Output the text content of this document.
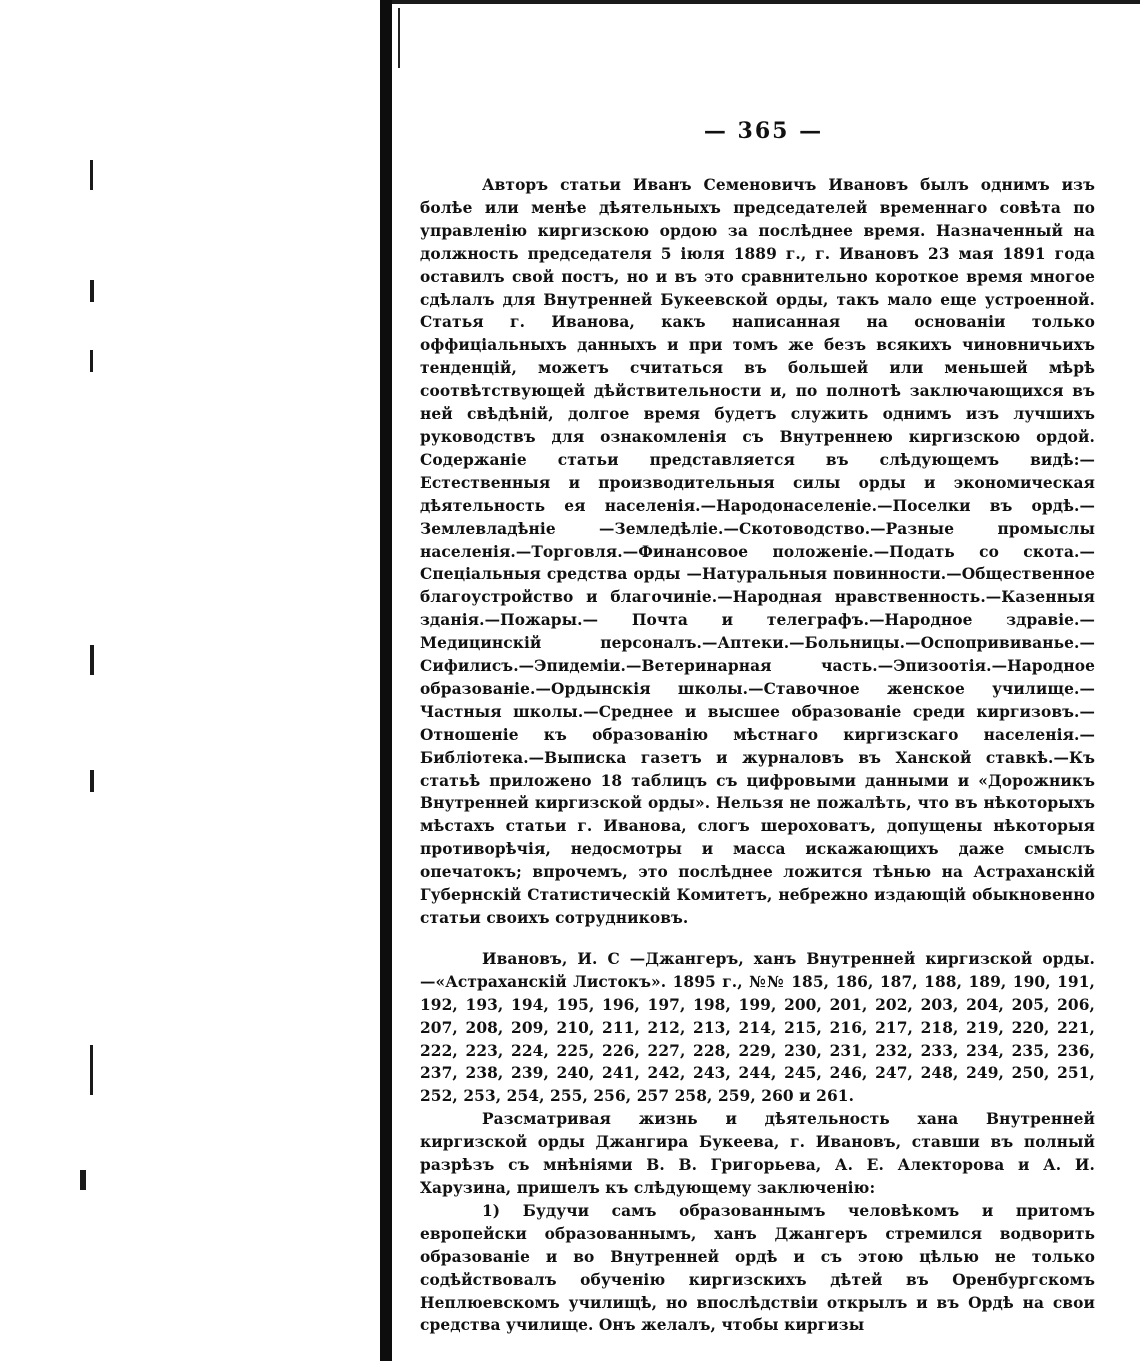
— 365 —

Авторъ статьи Иванъ Семеновичъ Ивановъ былъ однимъ изъ болѣе или менѣе дѣятельныхъ председателей временнаго совѣта по управленію киргизскою ордою за послѣднее время. Назначенный на должность председателя 5 іюля 1889 г., г. Ивановъ 23 мая 1891 года оставилъ свой постъ, но и въ это сравнительно короткое время многое сдѣлалъ для Внутренней Букеевской орды, такъ мало еще устроенной. Статья г. Иванова, какъ написанная на основаніи только оффиціальныхъ данныхъ и при томъ же безъ всякихъ чиновничьихъ тенденцій, можетъ считаться въ большей или меньшей мѣрѣ соотвѣтствующей дѣйствительности и, по полнотѣ заключающихся въ ней свѣдѣній, долгое время будетъ служить однимъ изъ лучшихъ руководствъ для ознакомленія съ Внутреннею киргизскою ордой. Содержаніе статьи представляется въ слѣдующемъ видѣ:—Естественныя и производительныя силы орды и экономическая дѣятельность ея населенія.—Народонаселеніе.—Поселки въ ордѣ.—Землевладѣніе —Земледѣліе.—Скотоводство.—Разные промыслы населенія.—Торговля.—Финансовое положеніе.—Подать со скота.—Спеціальныя средства орды —Натуральныя повинности.—Общественное благоустройство и благочиніе.—Народная нравственность.—Казенныя зданія.—Пожары.— Почта и телеграфъ.—Народное здравіе.—Медицинскій персоналъ.—Аптеки.—Больницы.—Оспопрививанье.—Сифилисъ.—Эпидеміи.—Ветеринарная часть.—Эпизоотія.—Народное образованіе.—Ордынскія школы.—Ставочное женское училище.—Частныя школы.—Среднее и высшее образованіе среди киргизовъ.—Отношеніе къ образованію мѣстнаго киргизскаго населенія.—Библіотека.—Выписка газетъ и журналовъ въ Ханской ставкѣ.—Къ статьѣ приложено 18 таблицъ съ цифровыми данными и «Дорожникъ Внутренней киргизской орды». Нельзя не пожалѣть, что въ нѣкоторыхъ мѣстахъ статьи г. Иванова, слогъ шероховатъ, допущены нѣкоторыя противорѣчія, недосмотры и масса искажающихъ даже смыслъ опечатокъ; впрочемъ, это послѣднее ложится тѣнью на Астраханскій Губернскій Статистическій Комитетъ, небрежно издающій обыкновенно статьи своихъ сотрудниковъ.

Ивановъ, И. С —Джангеръ, ханъ Внутренней киргизской орды.—«Астраханскій Листокъ». 1895 г., №№ 185, 186, 187, 188, 189, 190, 191, 192, 193, 194, 195, 196, 197, 198, 199, 200, 201, 202, 203, 204, 205, 206, 207, 208, 209, 210, 211, 212, 213, 214, 215, 216, 217, 218, 219, 220, 221, 222, 223, 224, 225, 226, 227, 228, 229, 230, 231, 232, 233, 234, 235, 236, 237, 238, 239, 240, 241, 242, 243, 244, 245, 246, 247, 248, 249, 250, 251, 252, 253, 254, 255, 256, 257 258, 259, 260 и 261.

Разсматривая жизнь и дѣятельность хана Внутренней киргизской орды Джангира Букеева, г. Ивановъ, ставши въ полный разрѣзъ съ мнѣніями В. В. Григорьева, А. Е. Алекторова и А. И. Харузина, пришелъ къ слѣдующему заключенію:

1) Будучи самъ образованнымъ человѣкомъ и притомъ европейски образованнымъ, ханъ Джангеръ стремился водворить образованіе и во Внутренней ордѣ и съ этою цѣлью не только содѣйствовалъ обученію киргизскихъ дѣтей въ Оренбургскомъ Неплюевскомъ училищѣ, но впослѣдствіи открылъ и въ Ордѣ на свои средства училище. Онъ желалъ, чтобы киргизы
